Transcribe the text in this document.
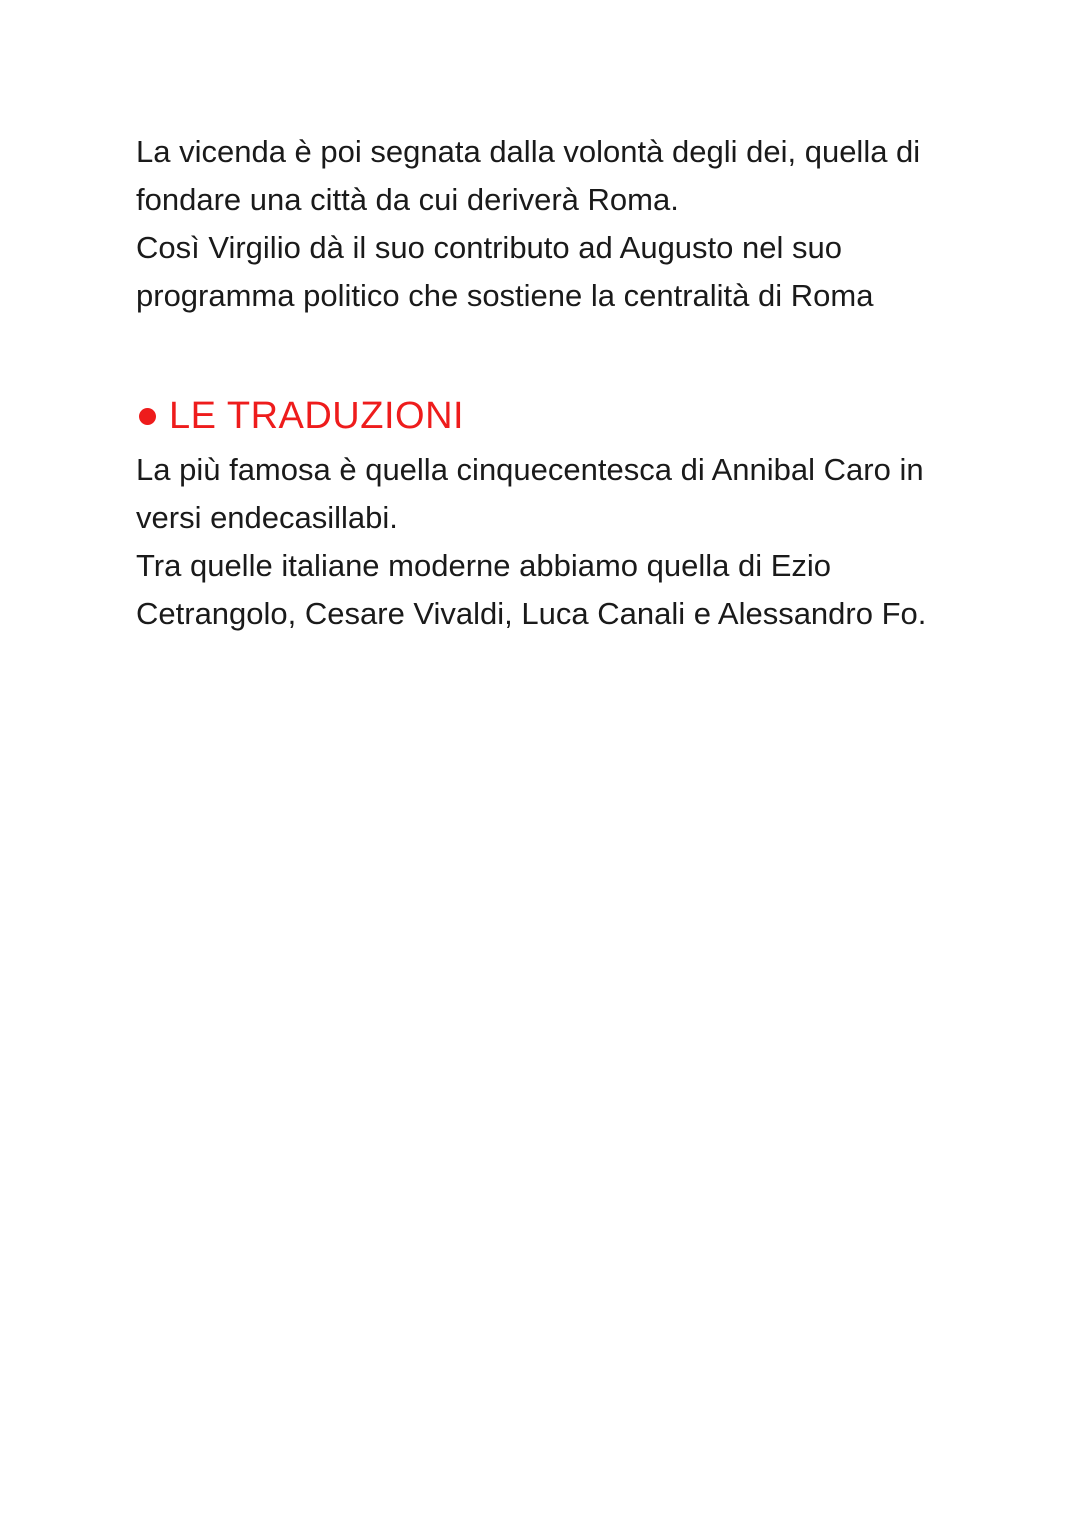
La vicenda è poi segnata dalla volontà degli dei, quella di
fondare una città da cui deriverà Roma.
Così Virgilio dà il suo contributo ad Augusto nel suo
programma politico che sostiene la centralità di Roma

LE TRADUZIONI

La più famosa è quella cinquecentesca di Annibal Caro in
versi endecasillabi.
Tra quelle italiane moderne abbiamo quella di Ezio
Cetrangolo, Cesare Vivaldi, Luca Canali e Alessandro Fo.
